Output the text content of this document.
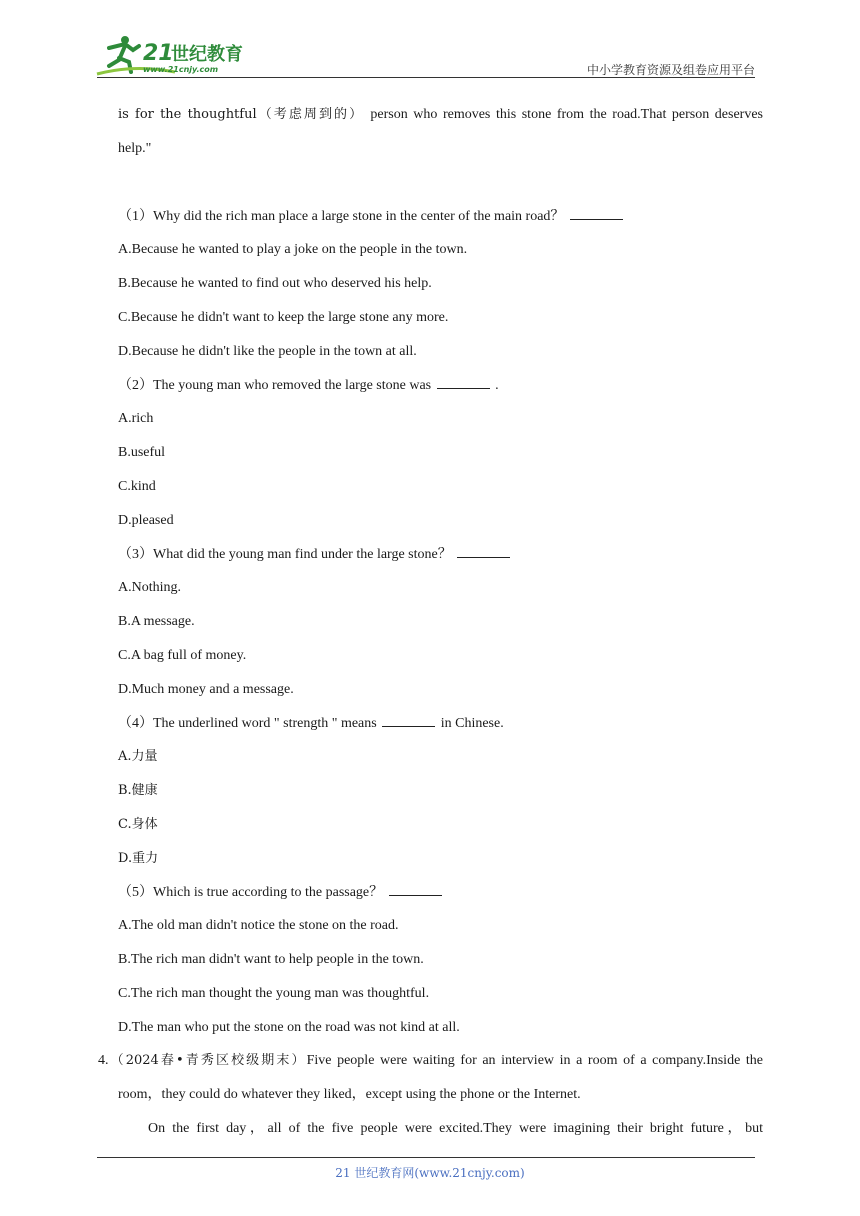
21
世纪教育
www.21cnjy.com	中小学教育资源及组卷应用平台
is for the thoughtful（考虑周到的） person who removes this stone from the road.That person deserves
help."
（1）Why did the rich man place a large stone in the center of the main road？
A.Because he wanted to play a joke on the people in the town.
B.Because he wanted to find out who deserved his help.
C.Because he didn't want to keep the large stone any more.
D.Because he didn't like the people in the town at all.
（2）The young man who removed the large stone was	.
A.rich
B.useful
C.kind
D.pleased
（3）What did the young man find under the large stone？
A.Nothing.
B.A message.
C.A bag full of money.
D.Much money and a message.
（4）The underlined word " strength " means	in Chinese.
A.力量
B.健康
C.身体
D.重力
（5）Which is true according to the passage？
A.The old man didn't notice the stone on the road.
B.The rich man didn't want to help people in the town.
C.The rich man thought the young man was thoughtful.
D.The man who put the stone on the road was not kind at all.
4.（2024春•青秀区校级期末）Five people were waiting for an interview in a room of a company.Inside the
room，they could do whatever they liked，except using the phone or the Internet.
On the first day，all of the five people were excited.They were imagining their bright future，but
21 世纪教育网(www.21cnjy.com)
